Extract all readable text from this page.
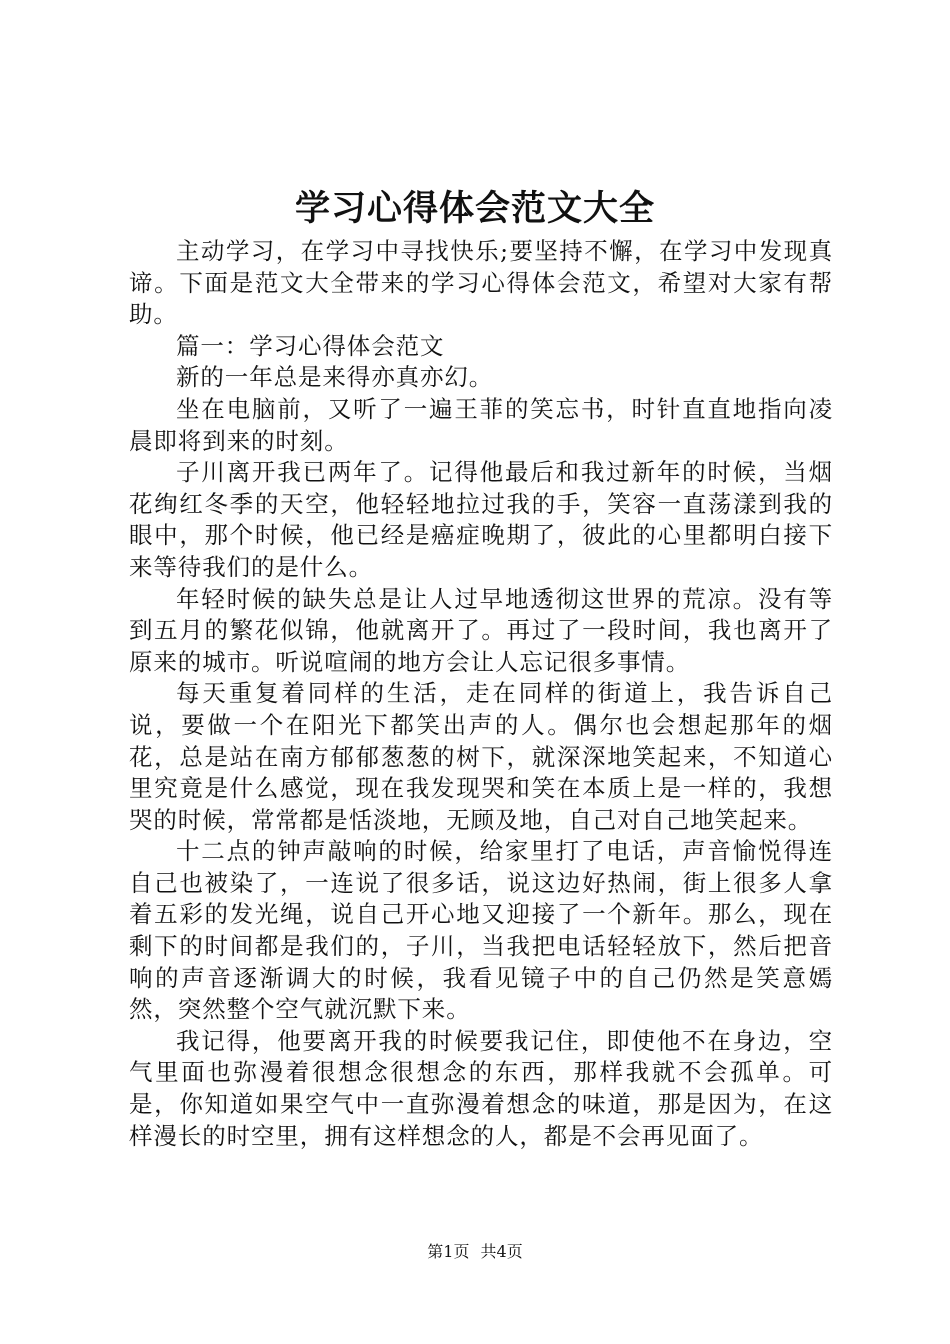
学习心得体会范文大全

主动学习，在学习中寻找快乐;要坚持不懈，在学习中发现真谛。下面是范文大全带来的学习心得体会范文，希望对大家有帮助。

篇一：学习心得体会范文

新的一年总是来得亦真亦幻。

坐在电脑前，又听了一遍王菲的笑忘书，时针直直地指向凌晨即将到来的时刻。

子川离开我已两年了。记得他最后和我过新年的时候，当烟花绚红冬季的天空，他轻轻地拉过我的手，笑容一直荡漾到我的眼中，那个时候，他已经是癌症晚期了，彼此的心里都明白接下来等待我们的是什么。

年轻时候的缺失总是让人过早地透彻这世界的荒凉。没有等到五月的繁花似锦，他就离开了。再过了一段时间，我也离开了原来的城市。听说喧闹的地方会让人忘记很多事情。

每天重复着同样的生活，走在同样的街道上，我告诉自己说，要做一个在阳光下都笑出声的人。偶尔也会想起那年的烟花，总是站在南方郁郁葱葱的树下，就深深地笑起来，不知道心里究竟是什么感觉，现在我发现哭和笑在本质上是一样的，我想哭的时候，常常都是恬淡地，无顾及地，自己对自己地笑起来。

十二点的钟声敲响的时候，给家里打了电话，声音愉悦得连自己也被染了，一连说了很多话，说这边好热闹，街上很多人拿着五彩的发光绳，说自己开心地又迎接了一个新年。那么，现在剩下的时间都是我们的，子川，当我把电话轻轻放下，然后把音响的声音逐渐调大的时候，我看见镜子中的自己仍然是笑意嫣然，突然整个空气就沉默下来。

我记得，他要离开我的时候要我记住，即使他不在身边，空气里面也弥漫着很想念很想念的东西，那样我就不会孤单。可是，你知道如果空气中一直弥漫着想念的味道，那是因为，在这样漫长的时空里，拥有这样想念的人，都是不会再见面了。

第1页 共4页
